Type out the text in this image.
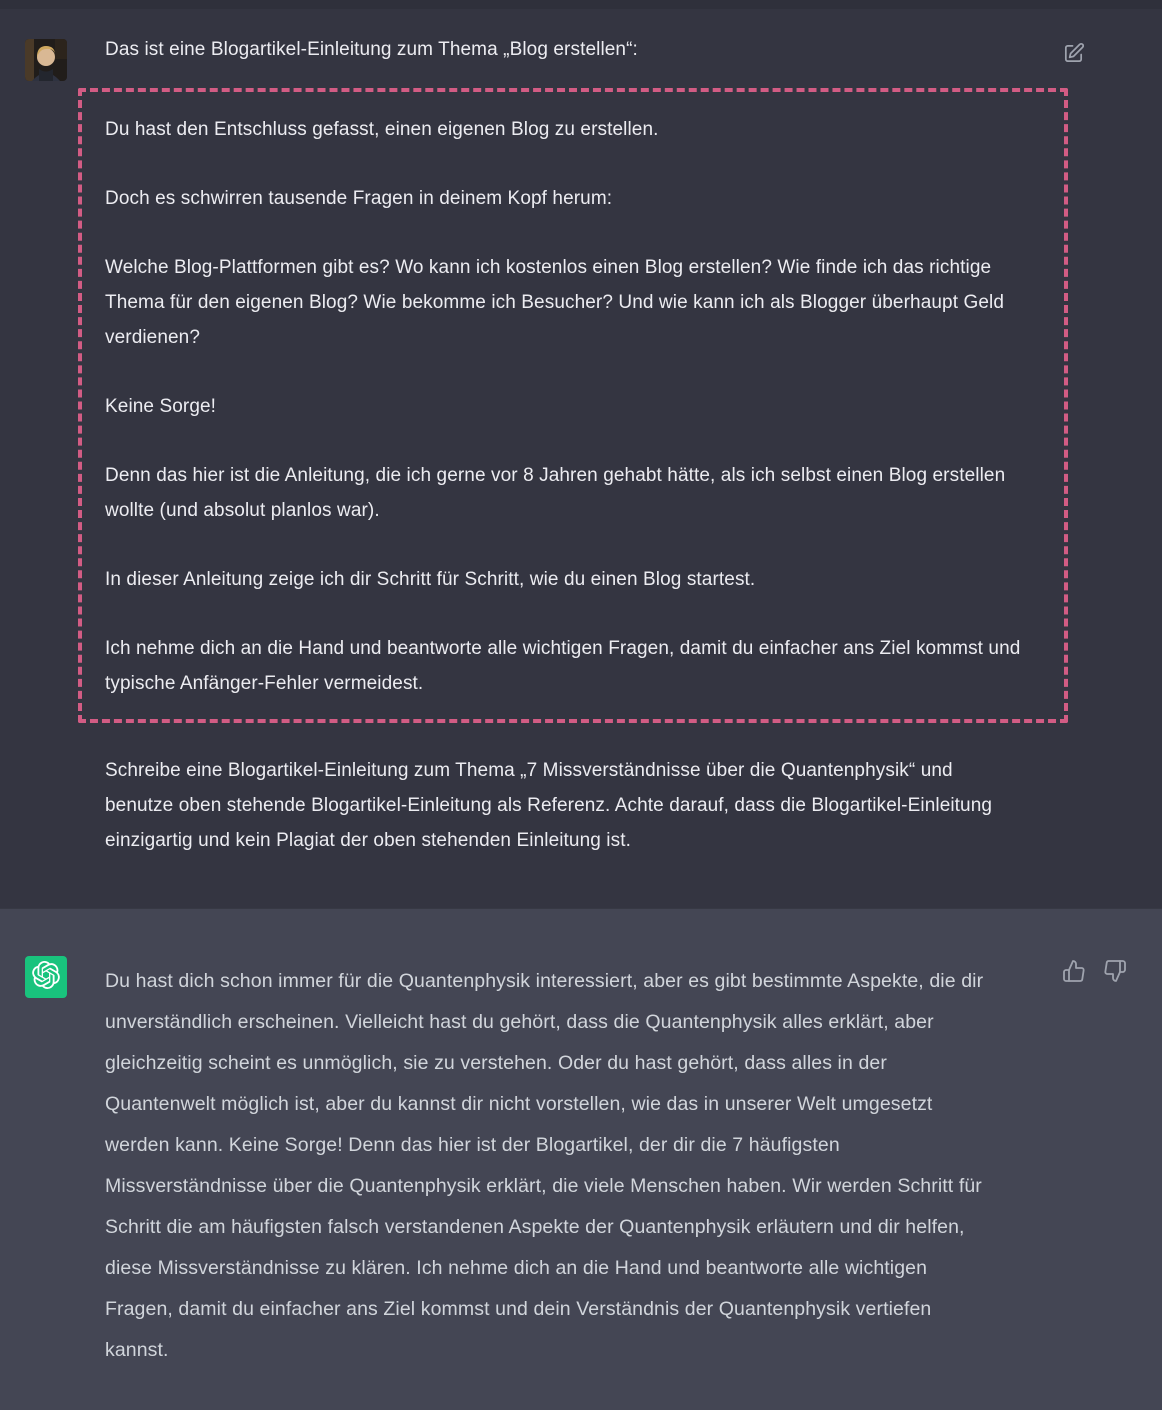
Das ist eine Blogartikel-Einleitung zum Thema „Blog erstellen“:

Du hast den Entschluss gefasst, einen eigenen Blog zu erstellen.

Doch es schwirren tausende Fragen in deinem Kopf herum:

Welche Blog-Plattformen gibt es? Wo kann ich kostenlos einen Blog erstellen? Wie finde ich das richtige Thema für den eigenen Blog? Wie bekomme ich Besucher? Und wie kann ich als Blogger überhaupt Geld verdienen?

Keine Sorge!

Denn das hier ist die Anleitung, die ich gerne vor 8 Jahren gehabt hätte, als ich selbst einen Blog erstellen wollte (und absolut planlos war).

In dieser Anleitung zeige ich dir Schritt für Schritt, wie du einen Blog startest.

Ich nehme dich an die Hand und beantworte alle wichtigen Fragen, damit du einfacher ans Ziel kommst und typische Anfänger-Fehler vermeidest.

Schreibe eine Blogartikel-Einleitung zum Thema „7 Missverständnisse über die Quantenphysik“ und benutze oben stehende Blogartikel-Einleitung als Referenz. Achte darauf, dass die Blogartikel-Einleitung einzigartig und kein Plagiat der oben stehenden Einleitung ist.

Du hast dich schon immer für die Quantenphysik interessiert, aber es gibt bestimmte Aspekte, die dir unverständlich erscheinen. Vielleicht hast du gehört, dass die Quantenphysik alles erklärt, aber gleichzeitig scheint es unmöglich, sie zu verstehen. Oder du hast gehört, dass alles in der Quantenwelt möglich ist, aber du kannst dir nicht vorstellen, wie das in unserer Welt umgesetzt werden kann. Keine Sorge! Denn das hier ist der Blogartikel, der dir die 7 häufigsten Missverständnisse über die Quantenphysik erklärt, die viele Menschen haben. Wir werden Schritt für Schritt die am häufigsten falsch verstandenen Aspekte der Quantenphysik erläutern und dir helfen, diese Missverständnisse zu klären. Ich nehme dich an die Hand und beantworte alle wichtigen Fragen, damit du einfacher ans Ziel kommst und dein Verständnis der Quantenphysik vertiefen kannst.
